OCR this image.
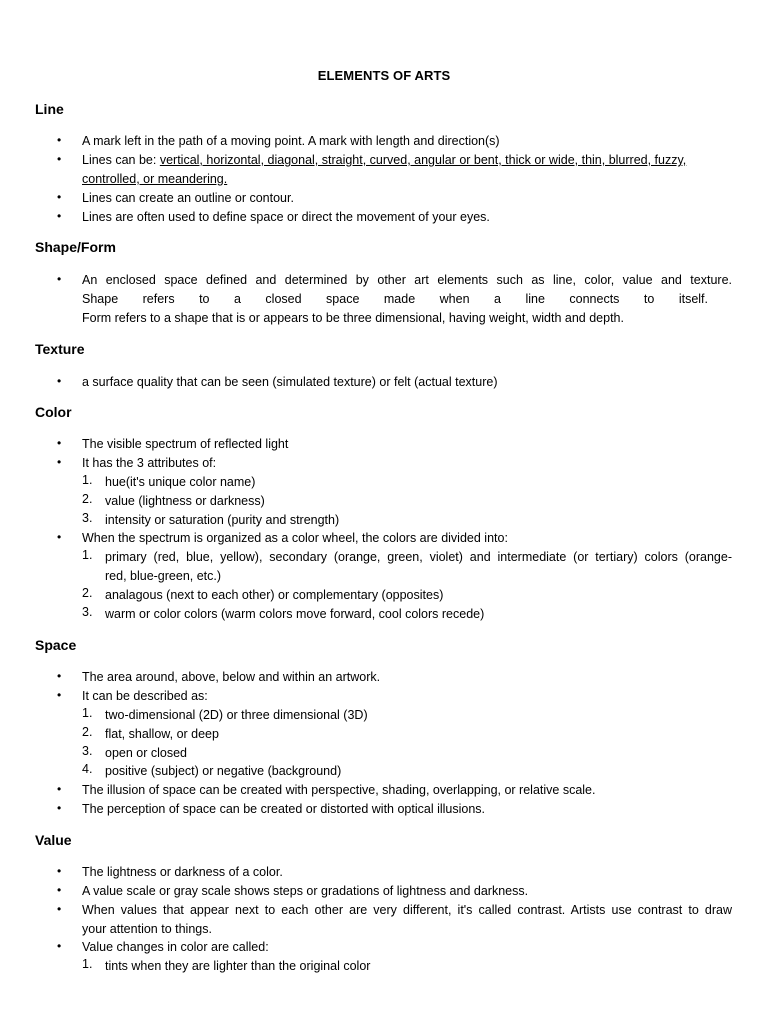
ELEMENTS OF ARTS
Line
• A mark left in the path of a moving point. A mark with length and direction(s)
• Lines can be: vertical, horizontal, diagonal, straight, curved, angular or bent, thick or wide, thin, blurred, fuzzy,
controlled, or meandering.
• Lines can create an outline or contour.
• Lines are often used to define space or direct the movement of your eyes.
Shape/Form
• An enclosed space defined and determined by other art elements such as line, color, value and texture.
Shape refers to a closed space made when a line connects to itself.
Form refers to a shape that is or appears to be three dimensional, having weight, width and depth.
Texture
• a surface quality that can be seen (simulated texture) or felt (actual texture)
Color
• The visible spectrum of reflected light
• It has the 3 attributes of:
1. hue(it's unique color name)
2. value (lightness or darkness)
3. intensity or saturation (purity and strength)
• When the spectrum is organized as a color wheel, the colors are divided into:
1. primary (red, blue, yellow), secondary (orange, green, violet) and intermediate (or tertiary) colors (orange-
red, blue-green, etc.)
2. analagous (next to each other) or complementary (opposites)
3. warm or color colors (warm colors move forward, cool colors recede)
Space
• The area around, above, below and within an artwork.
• It can be described as:
1. two-dimensional (2D) or three dimensional (3D)
2. flat, shallow, or deep
3. open or closed
4. positive (subject) or negative (background)
• The illusion of space can be created with perspective, shading, overlapping, or relative scale.
• The perception of space can be created or distorted with optical illusions.
Value
• The lightness or darkness of a color.
• A value scale or gray scale shows steps or gradations of lightness and darkness.
• When values that appear next to each other are very different, it's called contrast. Artists use contrast to draw
your attention to things.
• Value changes in color are called:
1. tints when they are lighter than the original color
